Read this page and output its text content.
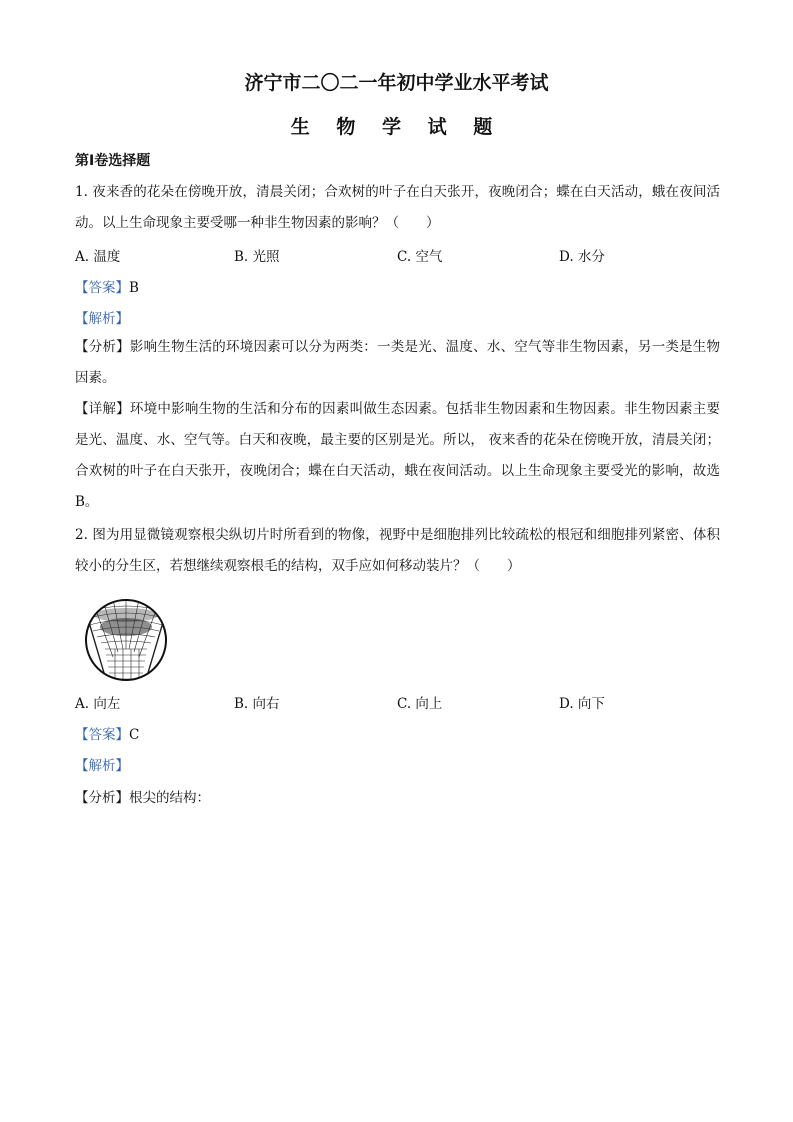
济宁市二〇二一年初中学业水平考试
生 物 学 试 题
第Ⅰ卷选择题
1. 夜来香的花朵在傍晚开放，清晨关闭；合欢树的叶子在白天张开，夜晚闭合；蝶在白天活动，蛾在夜间活动。以上生命现象主要受哪一种非生物因素的影响？（　　）
A. 温度	B. 光照	C. 空气	D. 水分
【答案】B
【解析】
【分析】影响生物生活的环境因素可以分为两类：一类是光、温度、水、空气等非生物因素，另一类是生物因素。
【详解】环境中影响生物的生活和分布的因素叫做生态因素。包括非生物因素和生物因素。非生物因素主要是光、温度、水、空气等。白天和夜晚，最主要的区别是光。所以， 夜来香的花朵在傍晚开放，清晨关闭；合欢树的叶子在白天张开，夜晚闭合；蝶在白天活动，蛾在夜间活动。以上生命现象主要受光的影响，故选B。
2. 图为用显微镜观察根尖纵切片时所看到的物像，视野中是细胞排列比较疏松的根冠和细胞排列紧密、体积较小的分生区，若想继续观察根毛的结构，双手应如何移动装片？（　　）
A. 向左	B. 向右	C. 向上	D. 向下
【答案】C
【解析】
【分析】根尖的结构：
